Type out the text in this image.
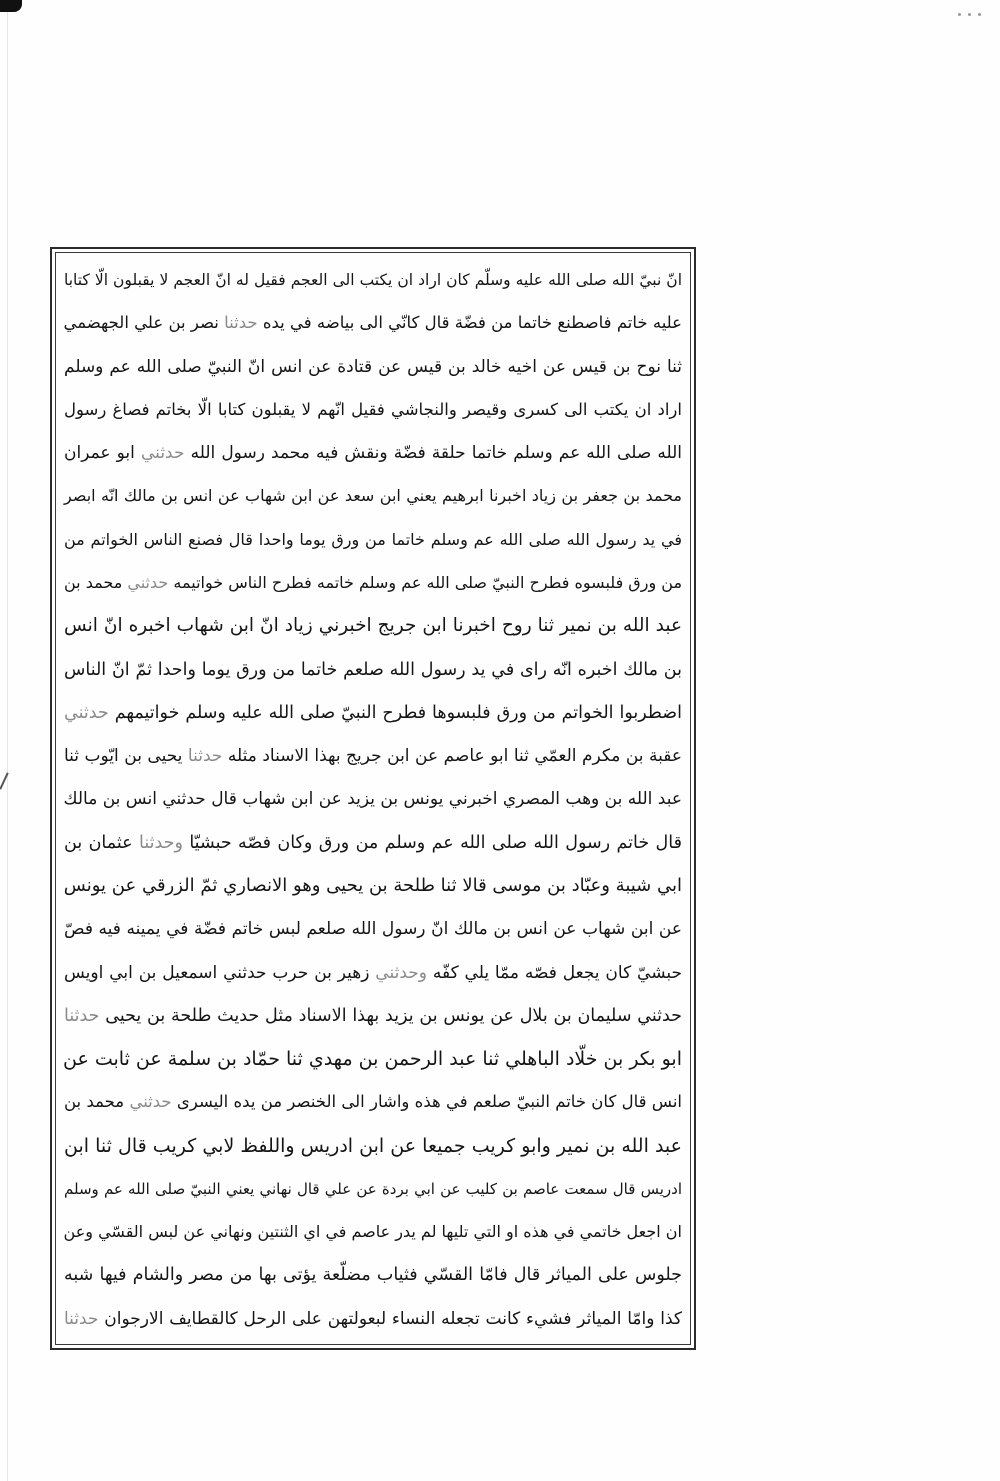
انّ نبيّ الله صلى الله عليه وسلّم كان اراد ان يكتب الى العجم فقيل له انّ العجم لا يقبلون الّا كتابا
عليه خاتم فاصطنع خاتما من فضّة قال كانّي الى بياضه في يده حدثنا نصر بن علي الجهضمي
ثنا نوح بن قيس عن اخيه خالد بن قيس عن قتادة عن انس انّ النبيّ صلى الله عم وسلم
اراد ان يكتب الى كسرى وقيصر والنجاشي فقيل انّهم لا يقبلون كتابا الّا بخاتم فصاغ رسول
الله صلى الله عم وسلم خاتما حلقة فضّة ونقش فيه محمد رسول الله حدثني ابو عمران
محمد بن جعفر بن زياد اخبرنا ابرهيم يعني ابن سعد عن ابن شهاب عن انس بن مالك انّه ابصر
في يد رسول الله صلى الله عم وسلم خاتما من ورق يوما واحدا قال فصنع الناس الخواتم من
من ورق فلبسوه فطرح النبيّ صلى الله عم وسلم خاتمه فطرح الناس خواتيمه حدثني محمد بن
عبد الله بن نمير ثنا روح اخبرنا ابن جريج اخبرني زياد انّ ابن شهاب اخبره انّ انس
بن مالك اخبره انّه راى في يد رسول الله صلعم خاتما من ورق يوما واحدا ثمّ انّ الناس
اضطربوا الخواتم من ورق فلبسوها فطرح النبيّ صلى الله عليه وسلم خواتيمهم حدثني
عقبة بن مكرم العمّي ثنا ابو عاصم عن ابن جريج بهذا الاسناد مثله حدثنا يحيى بن ايّوب ثنا
عبد الله بن وهب المصري اخبرني يونس بن يزيد عن ابن شهاب قال حدثني انس بن مالك
قال خاتم رسول الله صلى الله عم وسلم من ورق وكان فصّه حبشيّا وحدثنا عثمان بن
ابي شيبة وعبّاد بن موسى قالا ثنا طلحة بن يحيى وهو الانصاري ثمّ الزرقي عن يونس
عن ابن شهاب عن انس بن مالك انّ رسول الله صلعم لبس خاتم فضّة في يمينه فيه فصّ
حبشيّ كان يجعل فصّه ممّا يلي كفّه وحدثني زهير بن حرب حدثني اسمعيل بن ابي اويس
حدثني سليمان بن بلال عن يونس بن يزيد بهذا الاسناد مثل حديث طلحة بن يحيى حدثنا
ابو بكر بن خلّاد الباهلي ثنا عبد الرحمن بن مهدي ثنا حمّاد بن سلمة عن ثابت عن
انس قال كان خاتم النبيّ صلعم في هذه واشار الى الخنصر من يده اليسرى حدثني محمد بن
عبد الله بن نمير وابو كريب جميعا عن ابن ادريس واللفظ لابي كريب قال ثنا ابن
ادريس قال سمعت عاصم بن كليب عن ابي بردة عن علي قال نهاني يعني النبيّ صلى الله عم وسلم
ان اجعل خاتمي في هذه او التي تليها لم يدر عاصم في اي الثنتين ونهاني عن لبس القسّي وعن
جلوس على المياثر قال فامّا القسّي فثياب مضلّعة يؤتى بها من مصر والشام فيها شبه
كذا وامّا المياثر فشيء كانت تجعله النساء لبعولتهن على الرحل كالقطايف الارجوان حدثنا
